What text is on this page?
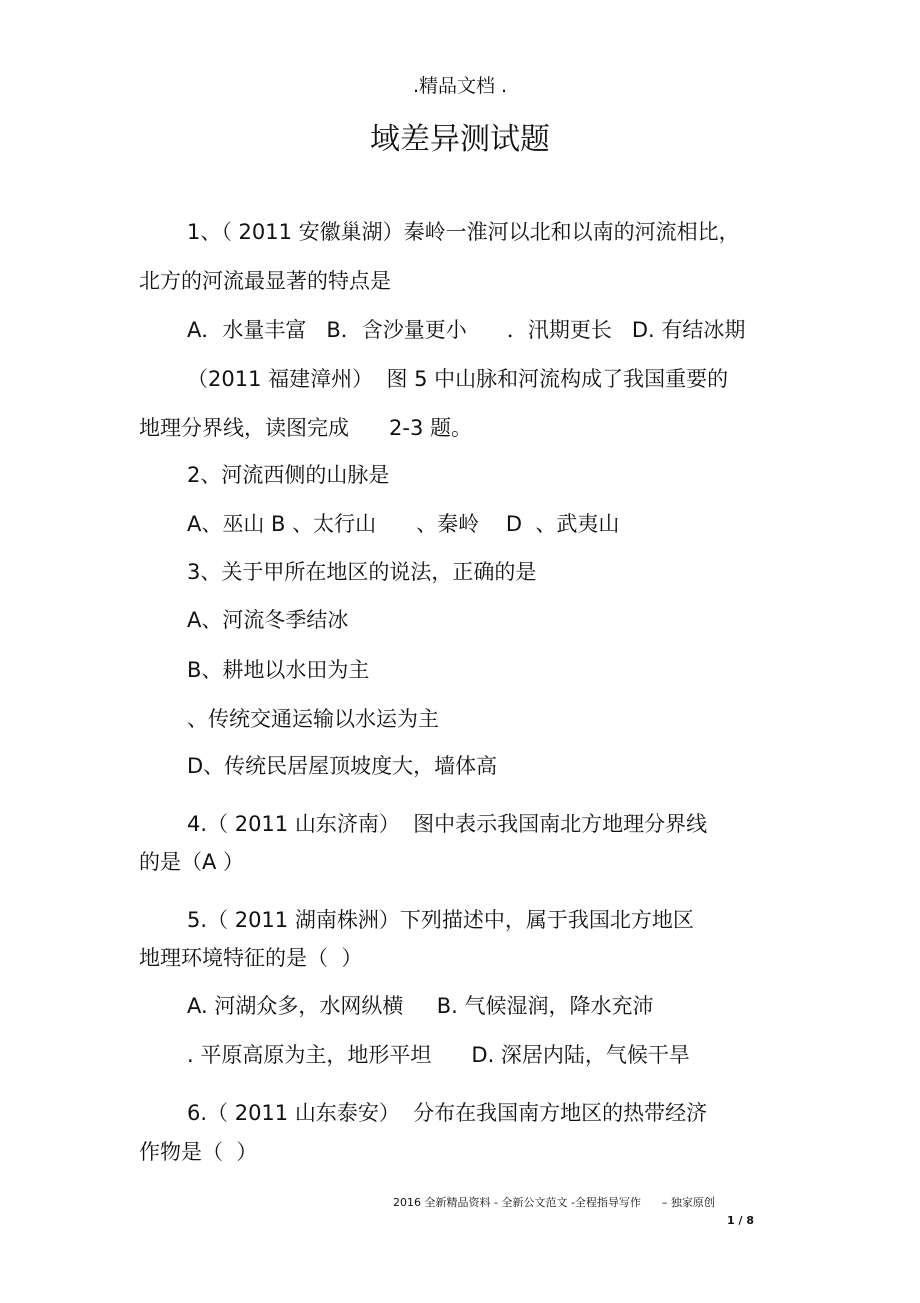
.精品文档 .
域差异测试题
1、（ 2011 安徽巢湖）秦岭一淮河以北和以南的河流相比，
北方的河流最显著的特点是
A．水量丰富   B．含沙量更小      ．汛期更长   D. 有结冰期
（2011 福建漳州）  图 5 中山脉和河流构成了我国重要的
地理分界线，读图完成      2-3 题。
2、河流西侧的山脉是
A、巫山 B 、太行山      、秦岭    D  、武夷山
3、关于甲所在地区的说法，正确的是
A、河流冬季结冰
B、耕地以水田为主
、传统交通运输以水运为主
D、传统民居屋顶坡度大，墙体高
4.（ 2011 山东济南）  图中表示我国南北方地理分界线
的是（A ）
5.（ 2011 湖南株洲）下列描述中，属于我国北方地区
地理环境特征的是（  ）
A. 河湖众多，水网纵横     B. 气候湿润，降水充沛
. 平原高原为主，地形平坦      D. 深居内陆，气候干旱
6.（ 2011 山东泰安）  分布在我国南方地区的热带经济
作物是（  ）
2016 全新精品资料 - 全新公文范文 -全程指导写作      – 独家原创
1 / 8
